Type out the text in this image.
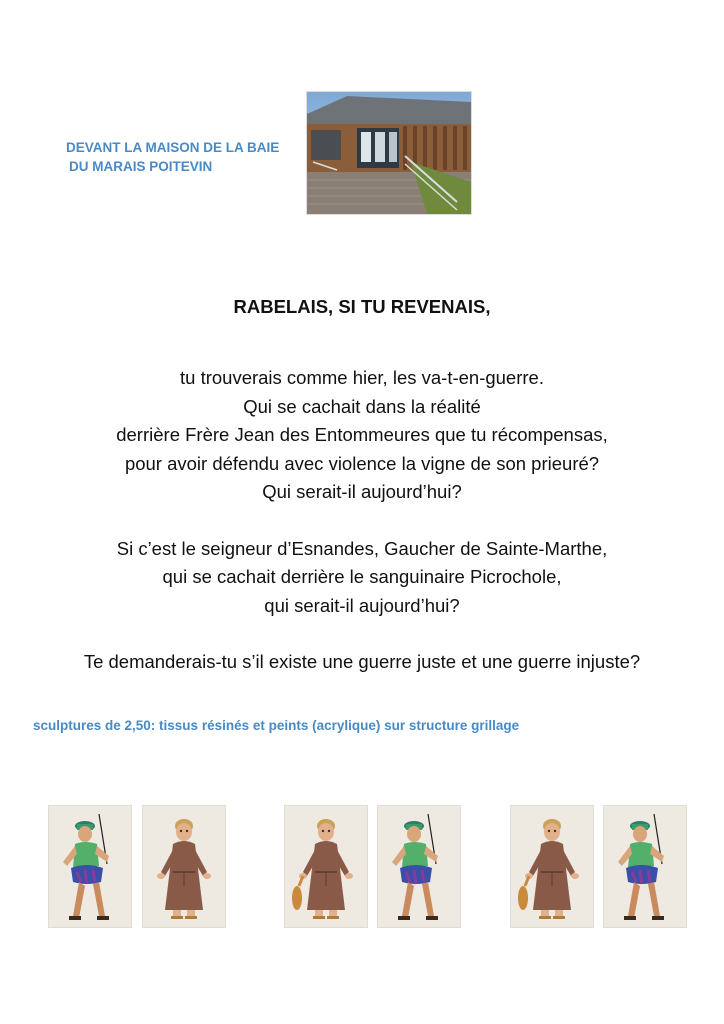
DEVANT LA MAISON DE LA BAIE
DU MARAIS POITEVIN
RABELAIS, SI TU REVENAIS,
tu trouverais comme hier, les va-t-en-guerre.
Qui se cachait dans la réalité
derrière Frère Jean des Entommeures que tu récompensas,
pour avoir défendu avec violence la vigne de son prieuré?
Qui serait-il aujourd’hui?
Si c’est le seigneur d’Esnandes, Gaucher de Sainte-Marthe,
qui se cachait derrière le sanguinaire Picrochole,
qui serait-il aujourd’hui?
Te demanderais-tu s’il existe une guerre juste et une guerre injuste?
sculptures de 2,50: tissus résinés et peints (acrylique) sur structure grillage
